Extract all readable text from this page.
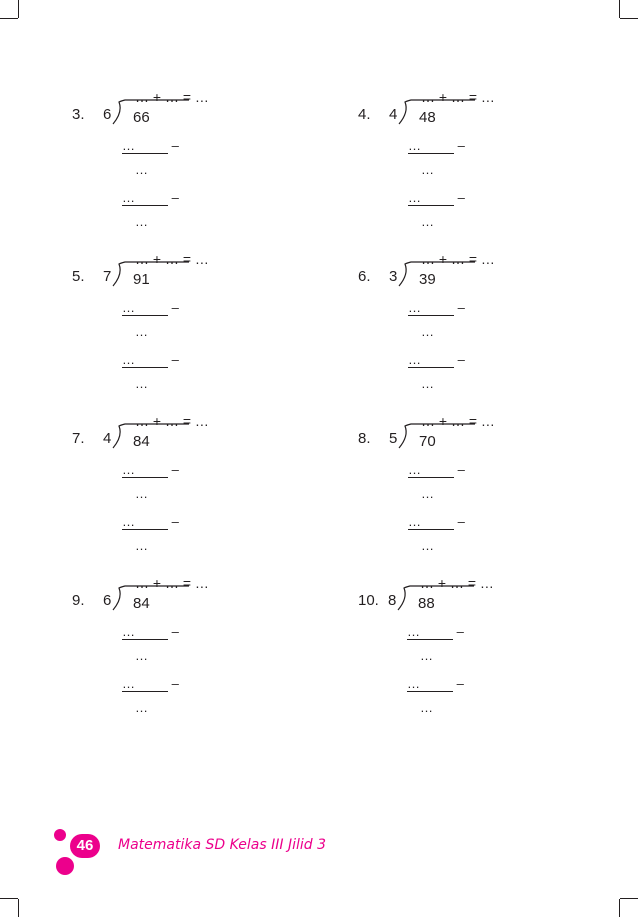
3. 6
… + … = …
66
…	–
…
…	–
…
4. 4
… + … = …
48
…	–
…
…	–
…
5. 7
… + … = …
91
…	–
…
…	–
…
6. 3
… + … = …
39
…	–
…
…	–
…
7. 4
… + … = …
84
…	–
…
…	–
…
8. 5
… + … = …
70
…	–
…
…	–
…
9. 6
… + … = …
84
…	–
…
…	–
…
10. 8
… + … = …
88
…	–
…
…	–
…
46	Matematika SD Kelas III Jilid 3
